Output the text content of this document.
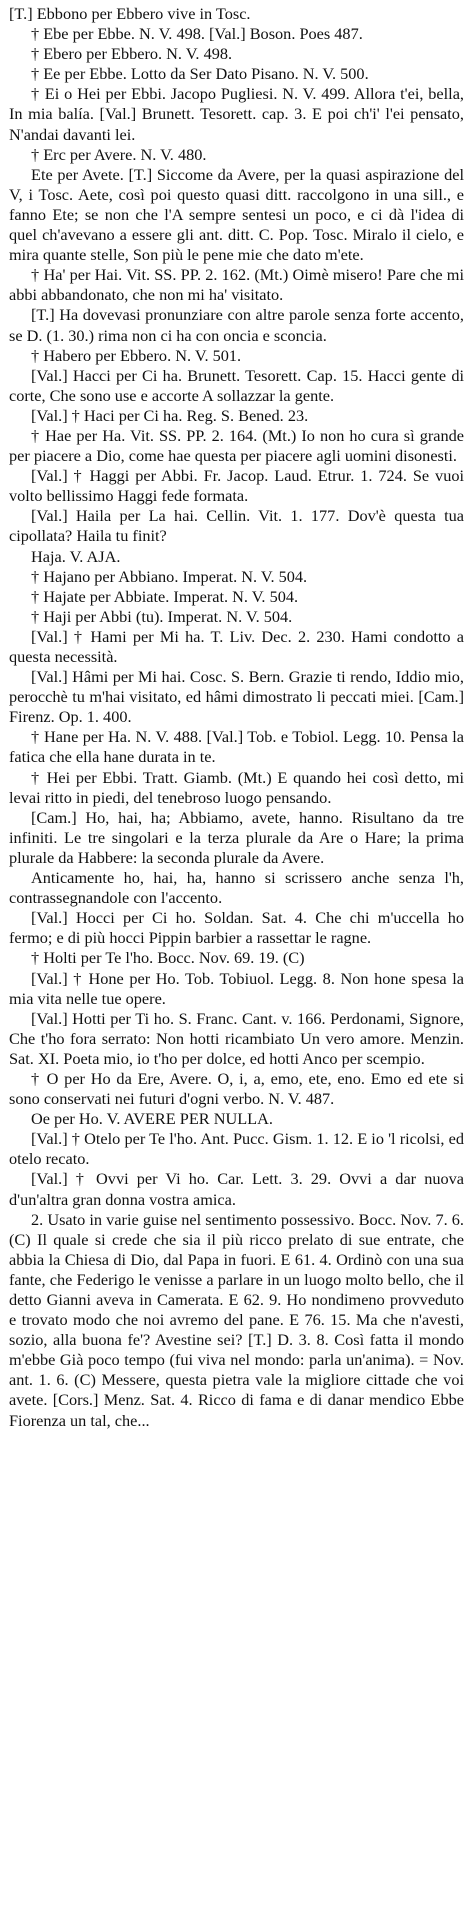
[T.] Ebbono per Ebbero vive in Tosc.

† Ebe per Ebbe. N. V. 498. [Val.] Boson. Poes 487.

† Ebero per Ebbero. N. V. 498.

† Ee per Ebbe. Lotto da Ser Dato Pisano. N. V. 500.

† Ei o Hei per Ebbi. Jacopo Pugliesi. N. V. 499. Allora t'ei, bella, In mia balía. [Val.] Brunett. Tesorett. cap. 3. E poi ch'i' l'ei pensato, N'andai davanti lei.

† Erc per Avere. N. V. 480.

Ete per Avete. [T.] Siccome da Avere, per la quasi aspirazione del V, i Tosc. Aete, così poi questo quasi ditt. raccolgono in una sill., e fanno Ete; se non che l'A sempre sentesi un poco, e ci dà l'idea di quel ch'avevano a essere gli ant. ditt. C. Pop. Tosc. Miralo il cielo, e mira quante stelle, Son più le pene mie che dato m'ete.

† Ha' per Hai. Vit. SS. PP. 2. 162. (Mt.) Oimè misero! Pare che mi abbi abbandonato, che non mi ha' visitato.

[T.] Ha dovevasi pronunziare con altre parole senza forte accento, se D. (1. 30.) rima non ci ha con oncia e sconcia.

† Habero per Ebbero. N. V. 501.

[Val.] Hacci per Ci ha. Brunett. Tesorett. Cap. 15. Hacci gente di corte, Che sono use e accorte A sollazzar la gente.

[Val.] † Haci per Ci ha. Reg. S. Bened. 23.

† Hae per Ha. Vit. SS. PP. 2. 164. (Mt.) Io non ho cura sì grande per piacere a Dio, come hae questa per piacere agli uomini disonesti.

[Val.] † Haggi per Abbi. Fr. Jacop. Laud. Etrur. 1. 724. Se vuoi volto bellissimo Haggi fede formata.

[Val.] Haila per La hai. Cellin. Vit. 1. 177. Dov'è questa tua cipollata? Haila tu finit?

Haja. V. AJA.

† Hajano per Abbiano. Imperat. N. V. 504.

† Hajate per Abbiate. Imperat. N. V. 504.

† Haji per Abbi (tu). Imperat. N. V. 504.

[Val.] † Hami per Mi ha. T. Liv. Dec. 2. 230. Hami condotto a questa necessità.

[Val.] Hâmi per Mi hai. Cosc. S. Bern. Grazie ti rendo, Iddio mio, perocchè tu m'hai visitato, ed hâmi dimostrato li peccati miei. [Cam.] Firenz. Op. 1. 400.

† Hane per Ha. N. V. 488. [Val.] Tob. e Tobiol. Legg. 10. Pensa la fatica che ella hane durata in te.

† Hei per Ebbi. Tratt. Giamb. (Mt.) E quando hei così detto, mi levai ritto in piedi, del tenebroso luogo pensando.

[Cam.] Ho, hai, ha; Abbiamo, avete, hanno. Risultano da tre infiniti. Le tre singolari e la terza plurale da Are o Hare; la prima plurale da Habbere: la seconda plurale da Avere.

Anticamente ho, hai, ha, hanno si scrissero anche senza l'h, contrassegnandole con l'accento.

[Val.] Hocci per Ci ho. Soldan. Sat. 4. Che chi m'uccella ho fermo; e di più hocci Pippin barbier a rassettar le ragne.

† Holti per Te l'ho. Bocc. Nov. 69. 19. (C)

[Val.] † Hone per Ho. Tob. Tobiuol. Legg. 8. Non hone spesa la mia vita nelle tue opere.

[Val.] Hotti per Ti ho. S. Franc. Cant. v. 166. Perdonami, Signore, Che t'ho fora serrato: Non hotti ricambiato Un vero amore. Menzin. Sat. XI. Poeta mio, io t'ho per dolce, ed hotti Anco per scempio.

† O per Ho da Ere, Avere. O, i, a, emo, ete, eno. Emo ed ete si sono conservati nei futuri d'ogni verbo. N. V. 487.

Oe per Ho. V. AVERE PER NULLA.

[Val.] † Otelo per Te l'ho. Ant. Pucc. Gism. 1. 12. E io 'l ricolsi, ed otelo recato.

[Val.] † Ovvi per Vi ho. Car. Lett. 3. 29. Ovvi a dar nuova d'un'altra gran donna vostra amica.

2. Usato in varie guise nel sentimento possessivo. Bocc. Nov. 7. 6. (C) Il quale si crede che sia il più ricco prelato di sue entrate, che abbia la Chiesa di Dio, dal Papa in fuori. E 61. 4. Ordinò con una sua fante, che Federigo le venisse a parlare in un luogo molto bello, che il detto Gianni aveva in Camerata. E 62. 9. Ho nondimeno provveduto e trovato modo che noi avremo del pane. E 76. 15. Ma che n'avesti, sozio, alla buona fe'? Avestine sei? [T.] D. 3. 8. Così fatta il mondo m'ebbe Già poco tempo (fui viva nel mondo: parla un'anima). = Nov. ant. 1. 6. (C) Messere, questa pietra vale la migliore cittade che voi avete. [Cors.] Menz. Sat. 4. Ricco di fama e di danar mendico Ebbe Fiorenza un tal, che...
